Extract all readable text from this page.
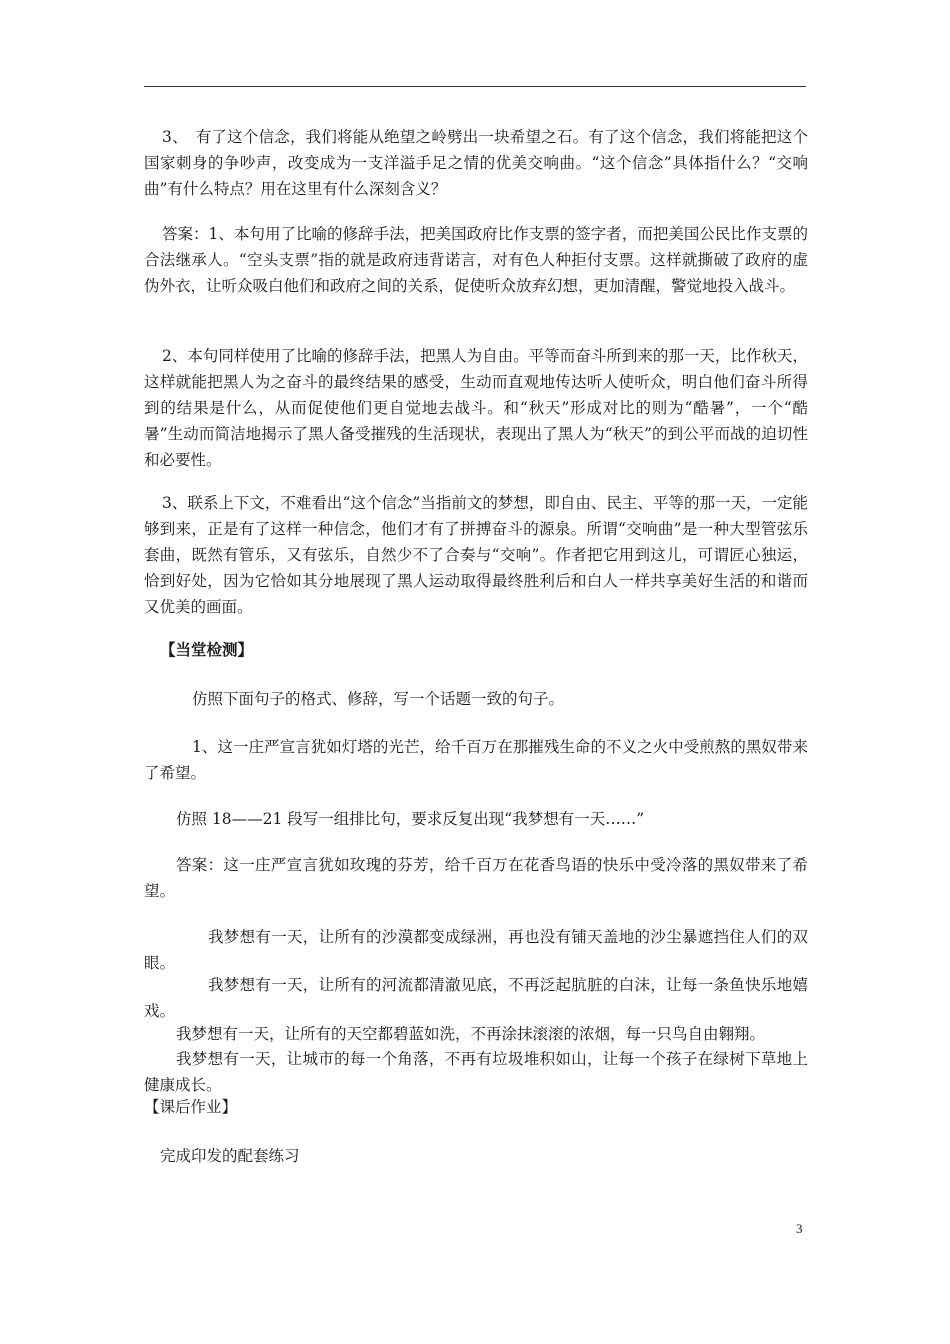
3、　有了这个信念，我们将能从绝望之岭劈出一块希望之石。有了这个信念，我们将能把这个国家刺身的争吵声，改变成为一支洋溢手足之情的优美交响曲。“这个信念”具体指什么？“交响曲”有什么特点？用在这里有什么深刻含义？
答案：1、本句用了比喻的修辞手法，把美国政府比作支票的签字者，而把美国公民比作支票的合法继承人。“空头支票”指的就是政府违背诺言，对有色人种拒付支票。这样就撕破了政府的虚伪外衣，让听众吸白他们和政府之间的关系，促使听众放弃幻想，更加清醒，警觉地投入战斗。
2、本句同样使用了比喻的修辞手法，把黑人为自由。平等而奋斗所到来的那一天，比作秋天，这样就能把黑人为之奋斗的最终结果的感受，生动而直观地传达听人使听众，明白他们奋斗所得到的结果是什么，从而促使他们更自觉地去战斗。和“秋天”形成对比的则为“酷暑”，一个“酷暑”生动而简洁地揭示了黑人备受摧残的生活现状，表现出了黑人为“秋天”的到公平而战的迫切性和必要性。
3、联系上下文，不难看出“这个信念”当指前文的梦想，即自由、民主、平等的那一天，一定能够到来，正是有了这样一种信念，他们才有了拼搏奋斗的源泉。所谓“交响曲”是一种大型管弦乐套曲，既然有管乐，又有弦乐，自然少不了合奏与“交响”。作者把它用到这儿，可谓匠心独运，恰到好处，因为它恰如其分地展现了黑人运动取得最终胜利后和白人一样共享美好生活的和谐而又优美的画面。
【当堂检测】
仿照下面句子的格式、修辞，写一个话题一致的句子。
1、这一庄严宣言犹如灯塔的光芒，给千百万在那摧残生命的不义之火中受煎熬的黑奴带来了希望。
仿照 18——21 段写一组排比句，要求反复出现“我梦想有一天……”
答案：这一庄严宣言犹如玫瑰的芬芳，给千百万在花香鸟语的快乐中受冷落的黑奴带来了希望。
我梦想有一天，让所有的沙漠都变成绿洲，再也没有铺天盖地的沙尘暴遮挡住人们的双眼。
我梦想有一天，让所有的河流都清澈见底，不再泛起肮脏的白沫，让每一条鱼快乐地嬉戏。
我梦想有一天，让所有的天空都碧蓝如洗，不再涂抹滚滚的浓烟，每一只鸟自由翱翔。
我梦想有一天，让城市的每一个角落，不再有垃圾堆积如山，让每一个孩子在绿树下草地上健康成长。
【课后作业】
完成印发的配套练习
3
